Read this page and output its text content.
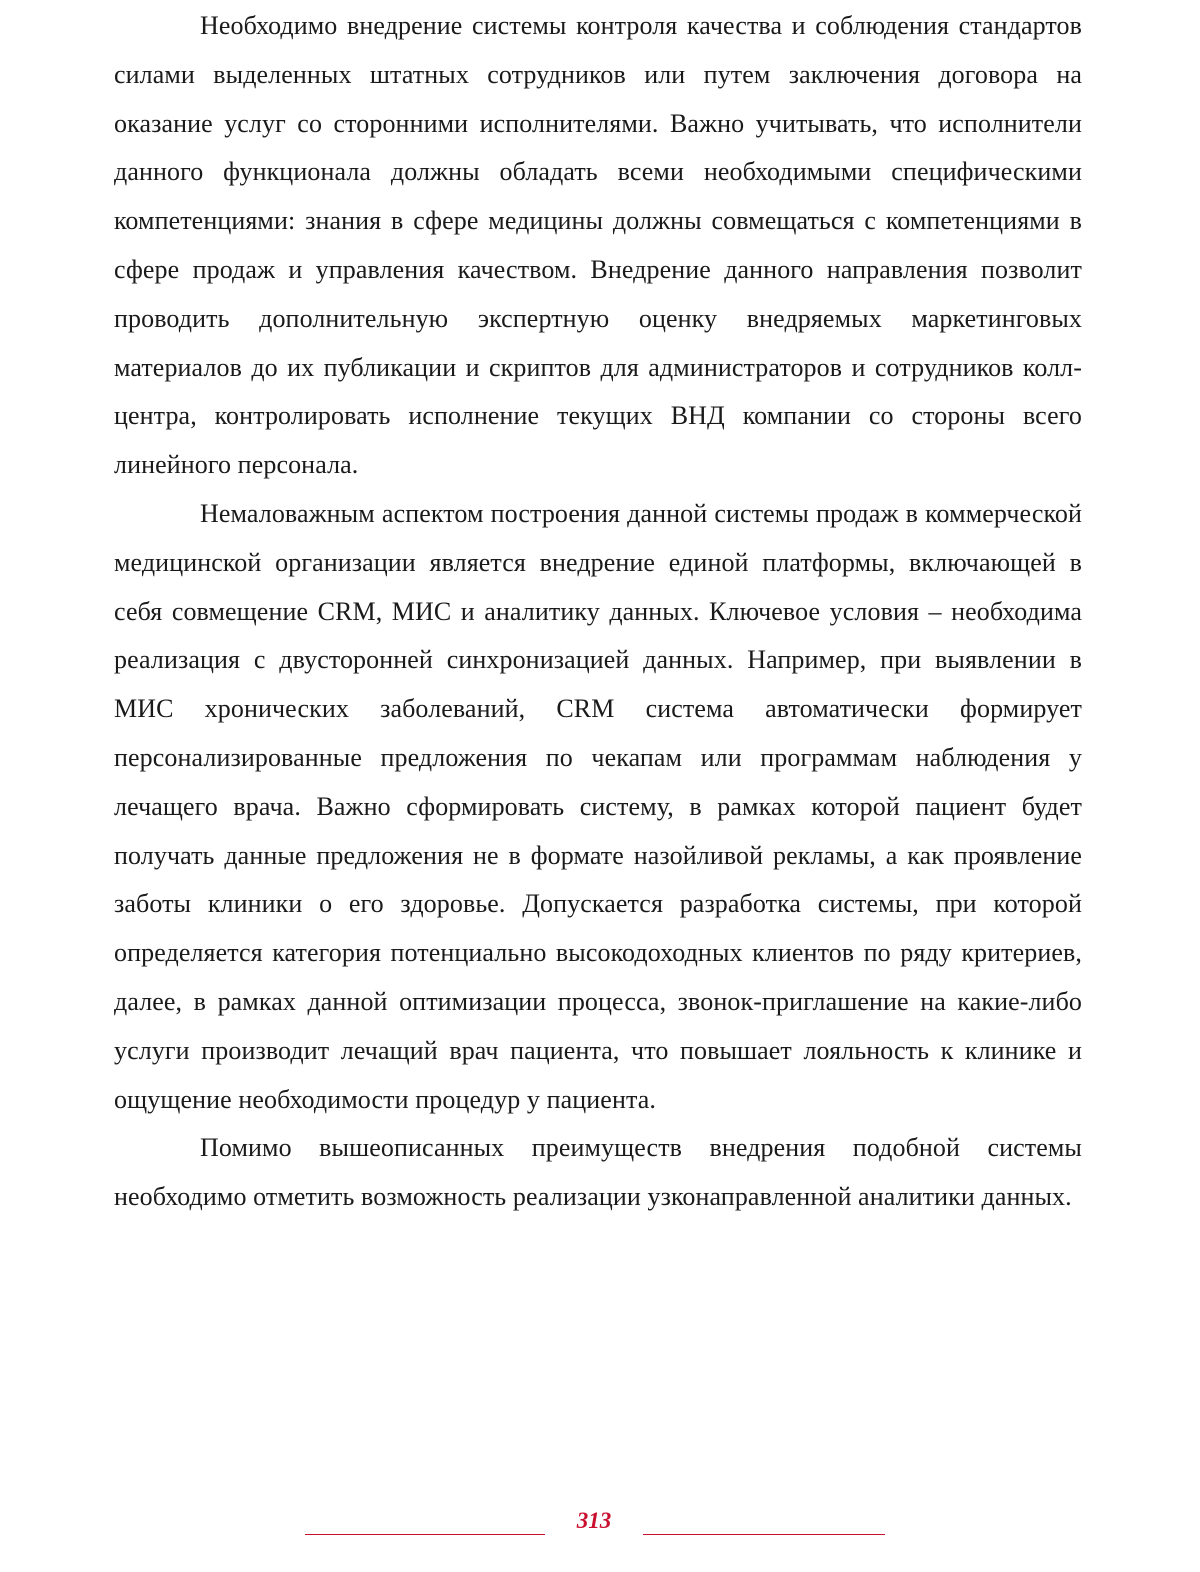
Необходимо внедрение системы контроля качества и соблюдения стандартов силами выделенных штатных сотрудников или путем заключения договора на оказание услуг со сторонними исполнителями. Важно учитывать, что исполнители данного функционала должны обладать всеми необходимыми специфическими компетенциями: знания в сфере медицины должны совмещаться с компетенциями в сфере продаж и управления качеством. Внедрение данного направления позволит проводить дополнительную экспертную оценку внедряемых маркетинговых материалов до их публикации и скриптов для администраторов и сотрудников колл-центра, контролировать исполнение текущих ВНД компании со стороны всего линейного персонала.

Немаловажным аспектом построения данной системы продаж в коммерческой медицинской организации является внедрение единой платформы, включающей в себя совмещение CRM, МИС и аналитику данных. Ключевое условия – необходима реализация с двусторонней синхронизацией данных. Например, при выявлении в МИС хронических заболеваний, CRM система автоматически формирует персонализированные предложения по чекапам или программам наблюдения у лечащего врача. Важно сформировать систему, в рамках которой пациент будет получать данные предложения не в формате назойливой рекламы, а как проявление заботы клиники о его здоровье. Допускается разработка системы, при которой определяется категория потенциально высокодоходных клиентов по ряду критериев, далее, в рамках данной оптимизации процесса, звонок-приглашение на какие-либо услуги производит лечащий врач пациента, что повышает лояльность к клинике и ощущение необходимости процедур у пациента.

Помимо вышеописанных преимуществ внедрения подобной системы необходимо отметить возможность реализации узконаправленной аналитики данных.

313
